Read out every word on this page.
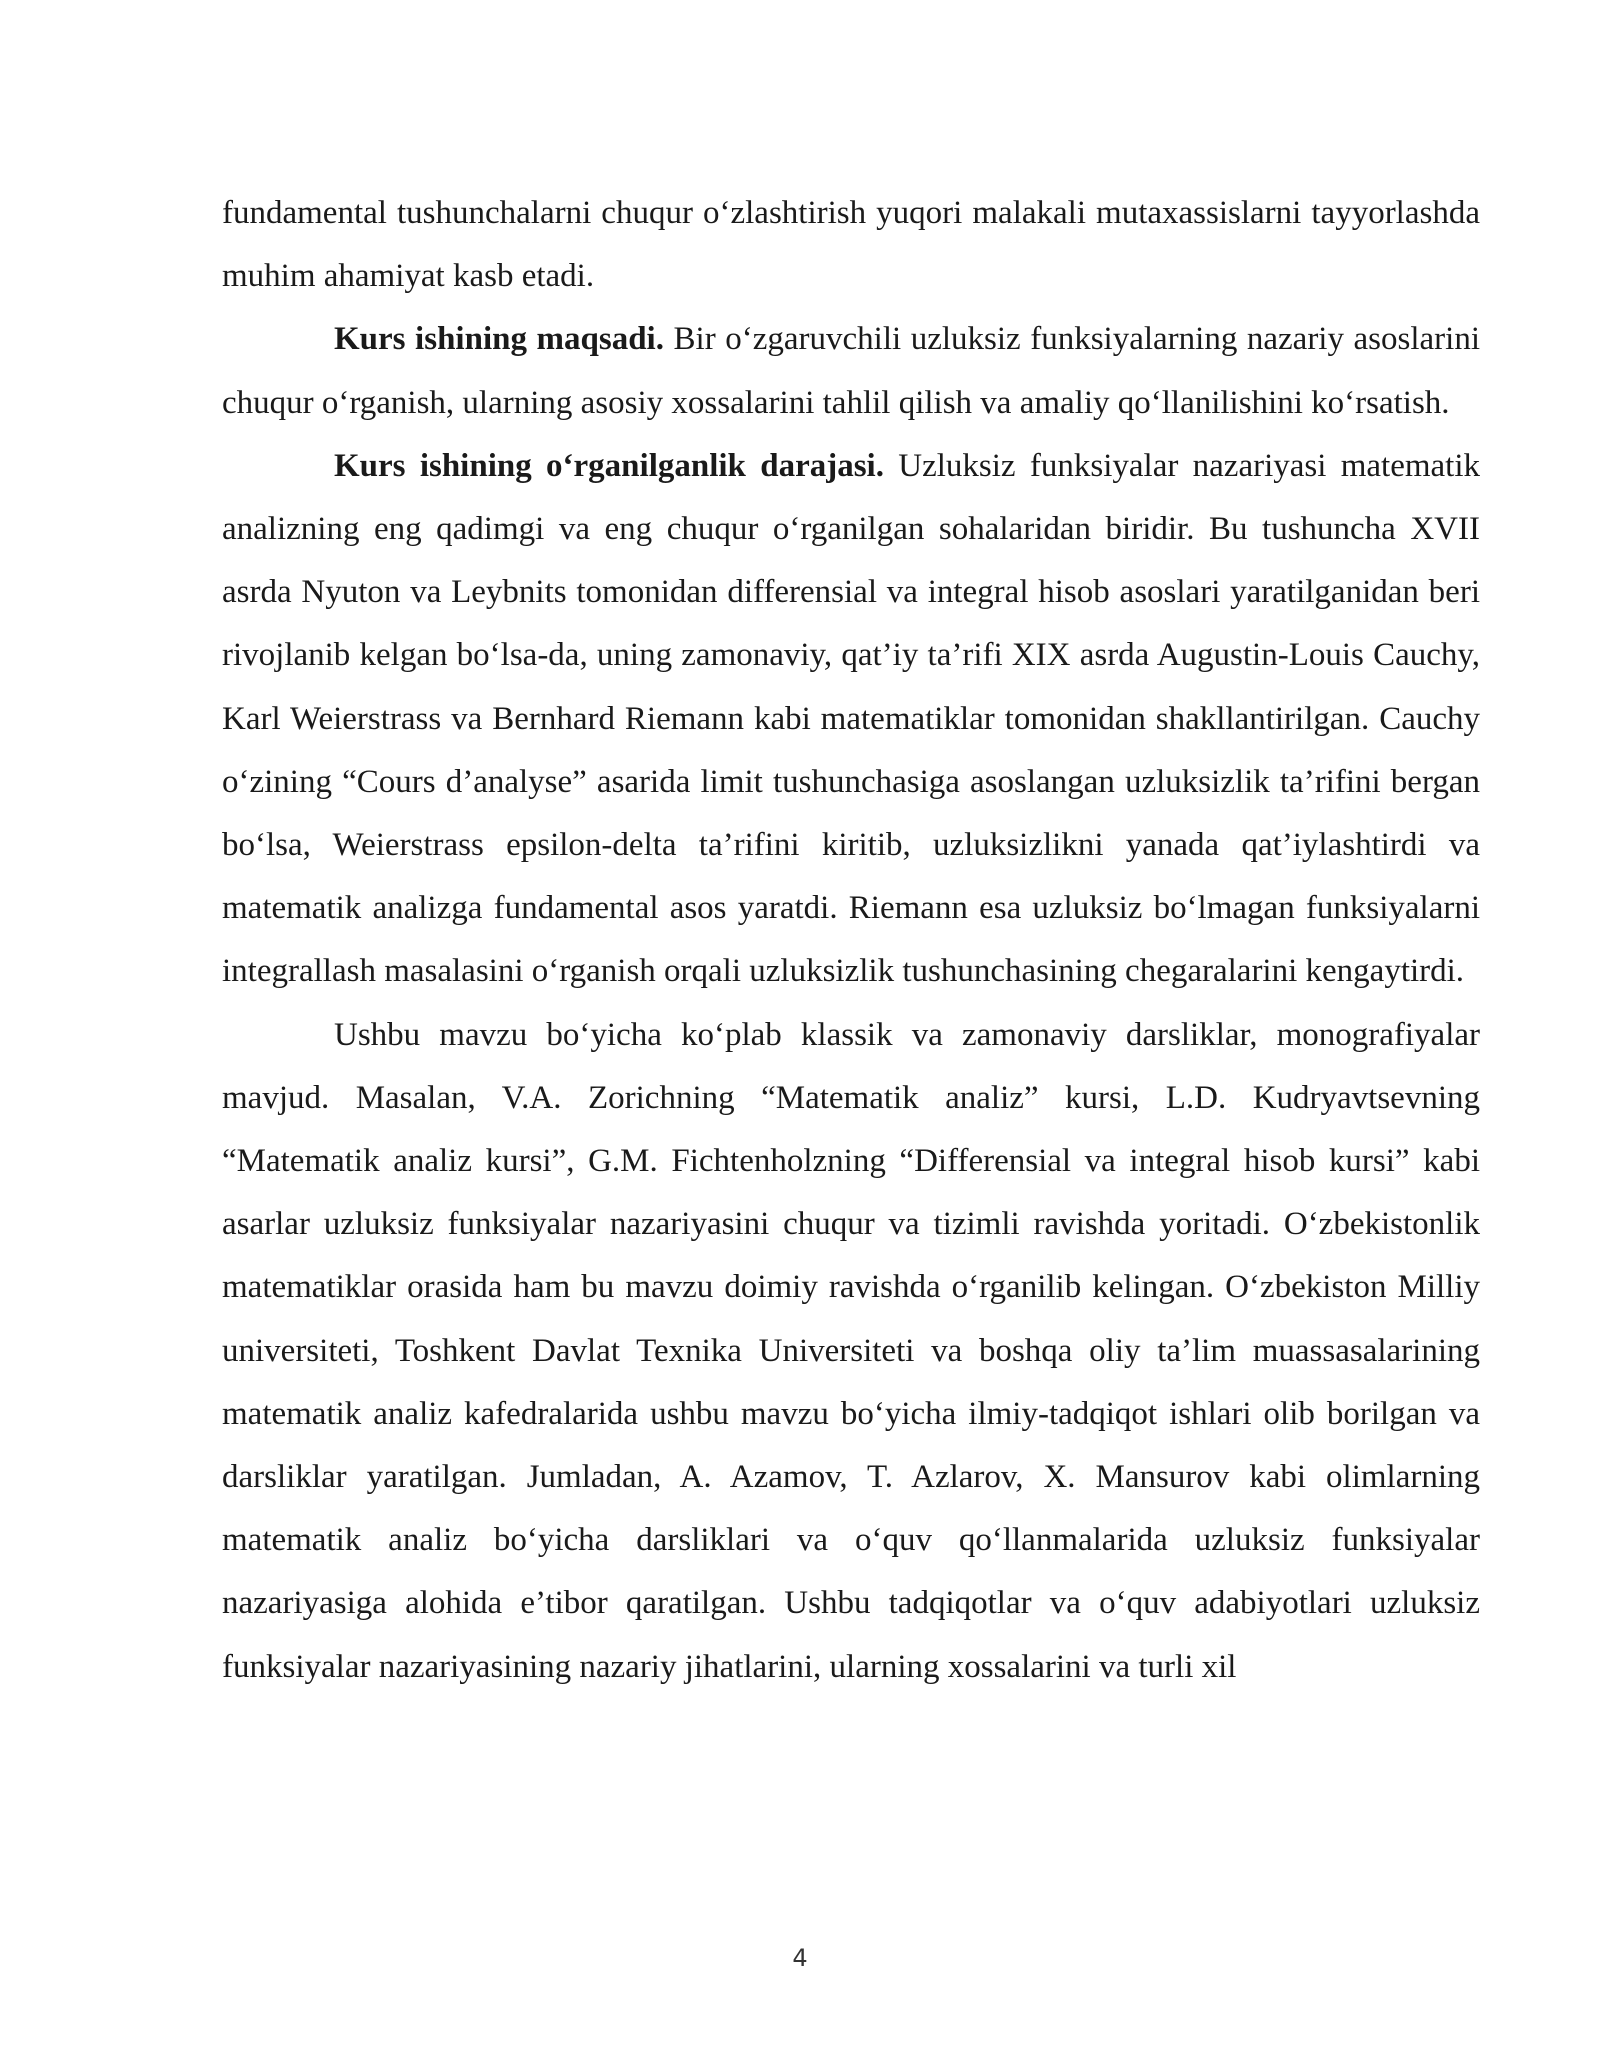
fundamental tushunchalarni chuqur o‘zlashtirish yuqori malakali mutaxassislarni tayyorlashda muhim ahamiyat kasb etadi.

Kurs ishining maqsadi. Bir o‘zgaruvchili uzluksiz funksiyalarning nazariy asoslarini chuqur o‘rganish, ularning asosiy xossalarini tahlil qilish va amaliy qo‘llanilishini ko‘rsatish.

Kurs ishining o‘rganilganlik darajasi. Uzluksiz funksiyalar nazariyasi matematik analizning eng qadimgi va eng chuqur o‘rganilgan sohalaridan biridir. Bu tushuncha XVII asrda Nyuton va Leybnits tomonidan differensial va integral hisob asoslari yaratilganidan beri rivojlanib kelgan bo‘lsa-da, uning zamonaviy, qat’iy ta’rifi XIX asrda Augustin-Louis Cauchy, Karl Weierstrass va Bernhard Riemann kabi matematiklar tomonidan shakllantirilgan. Cauchy o‘zining “Cours d’analyse” asarida limit tushunchasiga asoslangan uzluksizlik ta’rifini bergan bo‘lsa, Weierstrass epsilon-delta ta’rifini kiritib, uzluksizlikni yanada qat’iylashtirdi va matematik analizga fundamental asos yaratdi. Riemann esa uzluksiz bo‘lmagan funksiyalarni integrallash masalasini o‘rganish orqali uzluksizlik tushunchasining chegaralarini kengaytirdi.

Ushbu mavzu bo‘yicha ko‘plab klassik va zamonaviy darsliklar, monografiyalar mavjud. Masalan, V.A. Zorichning “Matematik analiz” kursi, L.D. Kudryavtsevning “Matematik analiz kursi”, G.M. Fichtenholzning “Differensial va integral hisob kursi” kabi asarlar uzluksiz funksiyalar nazariyasini chuqur va tizimli ravishda yoritadi. O‘zbekistonlik matematiklar orasida ham bu mavzu doimiy ravishda o‘rganilib kelingan. O‘zbekiston Milliy universiteti, Toshkent Davlat Texnika Universiteti va boshqa oliy ta’lim muassasalarining matematik analiz kafedralarida ushbu mavzu bo‘yicha ilmiy-tadqiqot ishlari olib borilgan va darsliklar yaratilgan. Jumladan, A. Azamov, T. Azlarov, X. Mansurov kabi olimlarning matematik analiz bo‘yicha darsliklari va o‘quv qo‘llanmalarida uzluksiz funksiyalar nazariyasiga alohida e’tibor qaratilgan. Ushbu tadqiqotlar va o‘quv adabiyotlari uzluksiz funksiyalar nazariyasining nazariy jihatlarini, ularning xossalarini va turli xil

4
